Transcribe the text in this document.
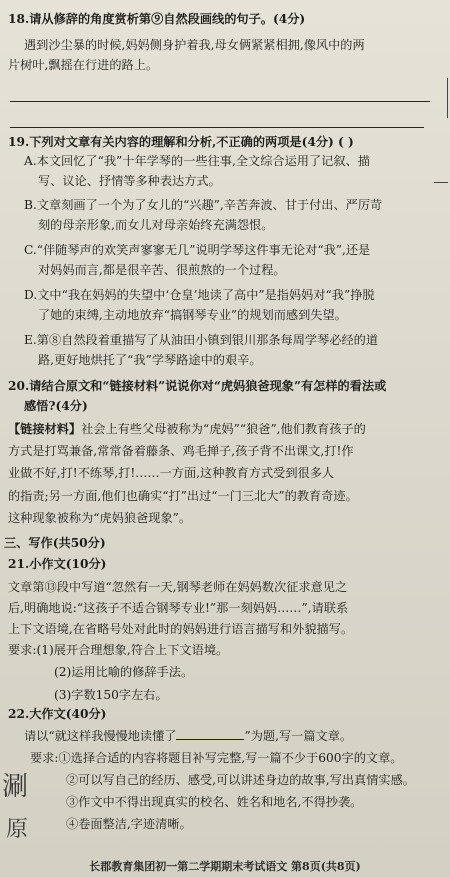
18.请从修辞的角度赏析第⑨自然段画线的句子。(4分)
遇到沙尘暴的时候,妈妈侧身护着我,母女俩紧紧相拥,像风中的两
片树叶,飘摇在行进的路上。
19.下列对文章有关内容的理解和分析,不正确的两项是(4分) ( )
A.本文回忆了“我”十年学琴的一些往事,全文综合运用了记叙、描
写、议论、抒情等多种表达方式。
B.文章刻画了一个为了女儿的“兴趣”,辛苦奔波、甘于付出、严厉苛
刻的母亲形象,而女儿对母亲始终充满怨恨。
C.“伴随琴声的欢笑声寥寥无几”说明学琴这件事无论对“我”,还是
对妈妈而言,都是很辛苦、很煎熬的一个过程。
D.文中“我在妈妈的失望中‘仓皇’地读了高中”是指妈妈对“我”挣脱
了她的束缚,主动地放弃“搞钢琴专业”的规划而感到失望。
E.第⑧自然段着重描写了从油田小镇到银川那条每周学琴必经的道
路,更好地烘托了“我”学琴路途中的艰辛。
20.请结合原文和“链接材料”说说你对“虎妈狼爸现象”有怎样的看法或
感悟?(4分)
【链接材料】社会上有些父母被称为“虎妈”“狼爸”,他们教育孩子的
方式是打骂兼备,常常备着藤条、鸡毛掸子,孩子背不出课文,打!作
业做不好,打!不练琴,打!……一方面,这种教育方式受到很多人
的指责;另一方面,他们也确实“打”出过“一门三北大”的教育奇迹。
这种现象被称为“虎妈狼爸现象”。
三、写作(共50分)
21.小作文(10分)
文章第⑬段中写道“忽然有一天,钢琴老师在妈妈数次征求意见之
后,明确地说:“这孩子不适合钢琴专业!”那一刻妈妈……”,请联系
上下文语境,在省略号处对此时的妈妈进行语言描写和外貌描写。
要求:(1)展开合理想象,符合上下文语境。
(2)运用比喻的修辞手法。
(3)字数150字左右。
22.大作文(40分)
请以“就这样我慢慢地读懂了	”为题,写一篇文章。
要求:①选择合适的内容将题目补写完整,写一篇不少于600字的文章。
②可以写自己的经历、感受,可以讲述身边的故事,写出真情实感。
③作文中不得出现真实的校名、姓名和地名,不得抄袭。
④卷面整洁,字迹清晰。
涮
原
长郡教育集团初一第二学期期末考试语文 第8页(共8页)
